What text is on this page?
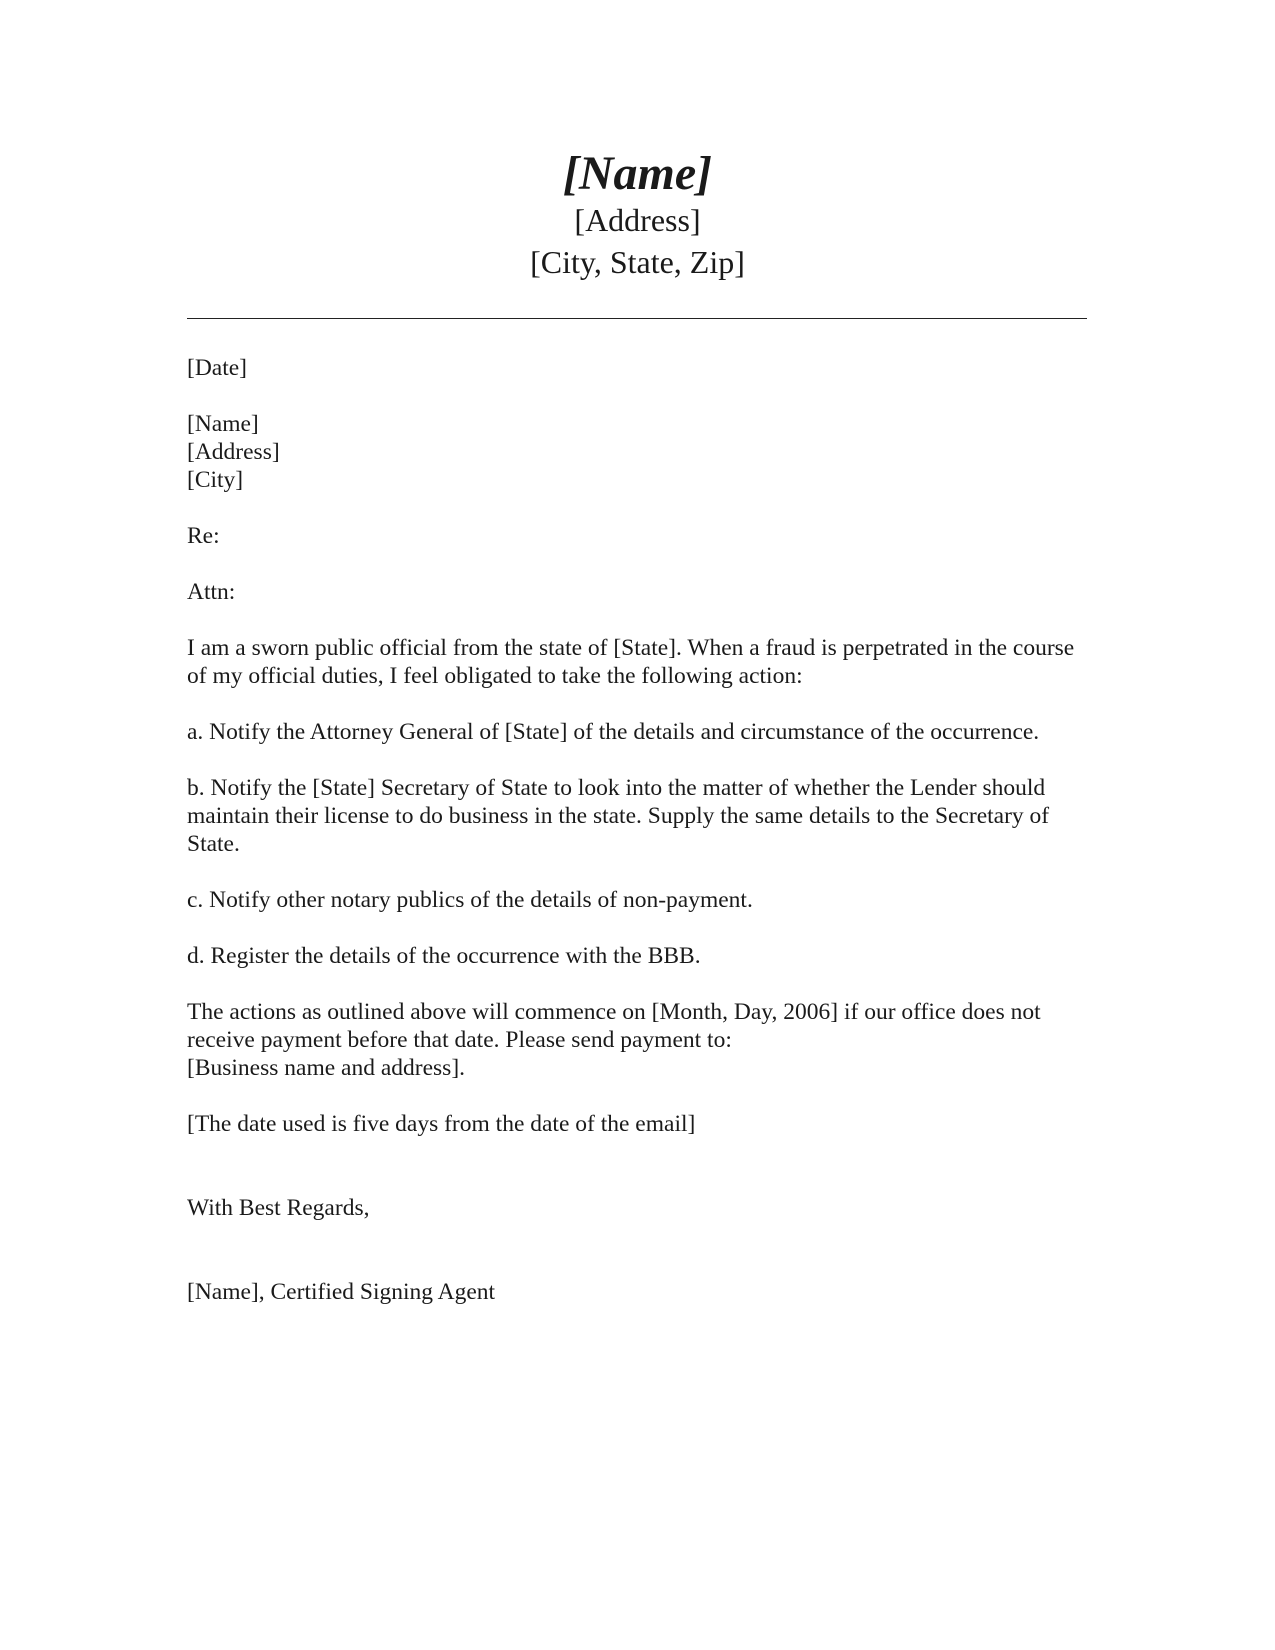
[Name]
[Address]
[City, State, Zip]

[Date]

[Name]
[Address]
[City]

Re:

Attn:

I am a sworn public official from the state of [State]. When a fraud is perpetrated in the course of my official duties, I feel obligated to take the following action:

a. Notify the Attorney General of [State] of the details and circumstance of the occurrence.

b. Notify the [State] Secretary of State to look into the matter of whether the Lender should maintain their license to do business in the state. Supply the same details to the Secretary of State.

c. Notify other notary publics of the details of non-payment.

d. Register the details of the occurrence with the BBB.

The actions as outlined above will commence on [Month, Day, 2006] if our office does not receive payment before that date. Please send payment to:
[Business name and address].

[The date used is five days from the date of the email]

With Best Regards,

[Name], Certified Signing Agent
